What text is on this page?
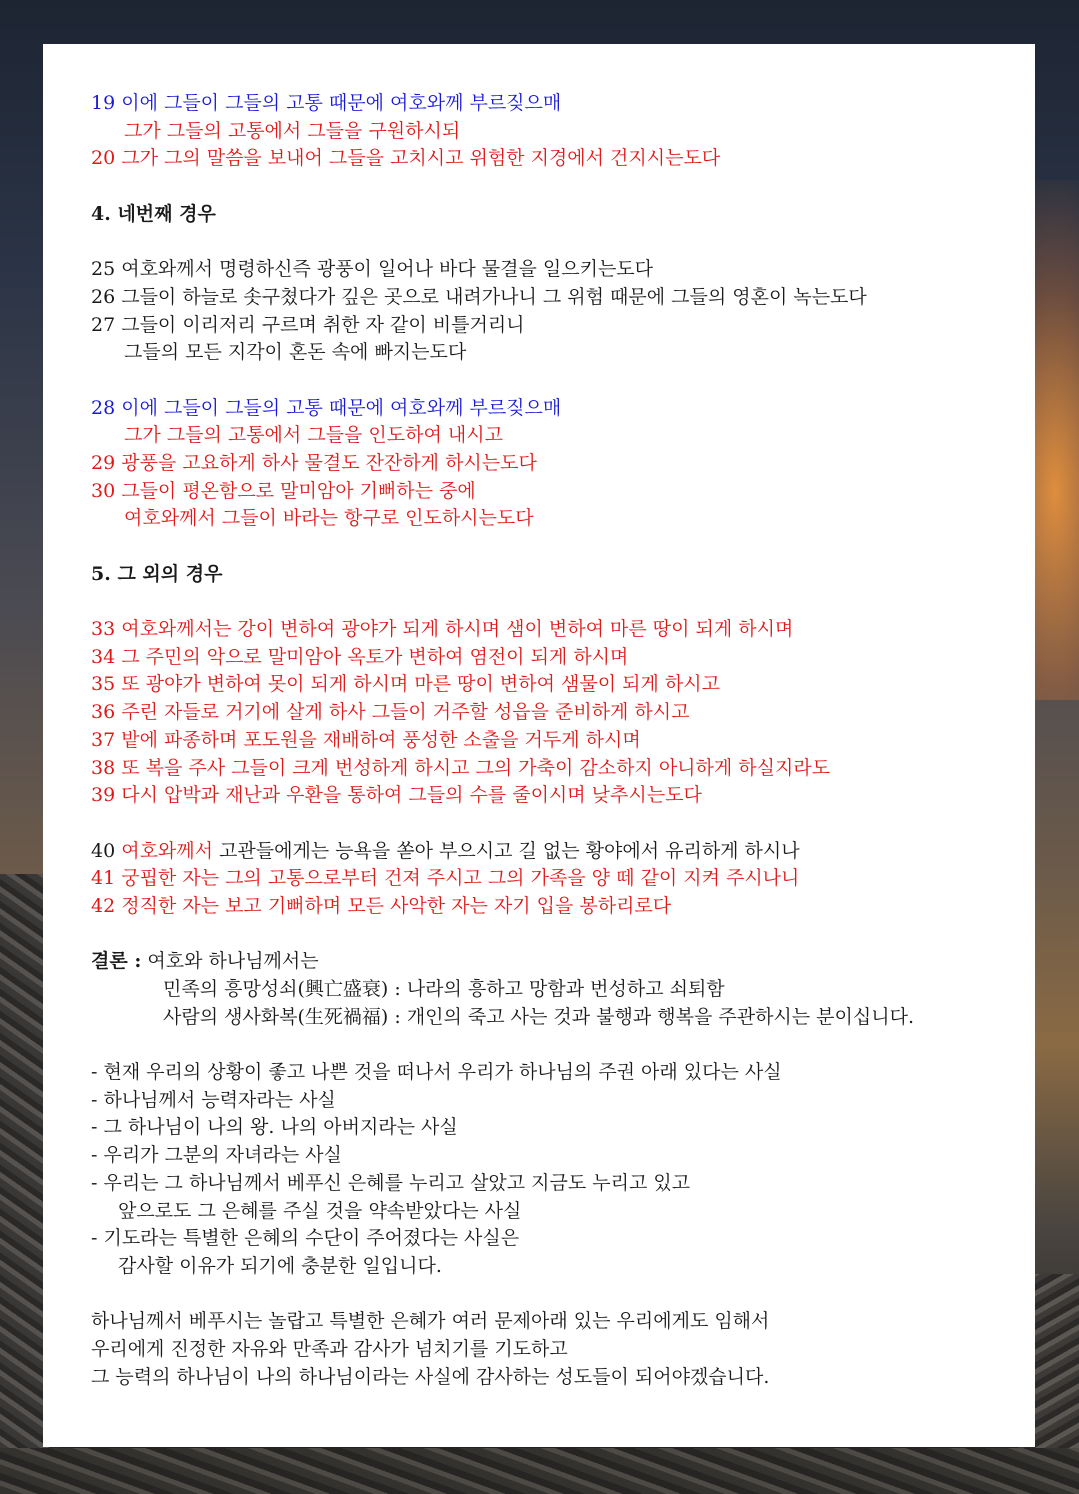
19 이에 그들이 그들의 고통 때문에 여호와께 부르짖으매
그가 그들의 고통에서 그들을 구원하시되
20 그가 그의 말씀을 보내어 그들을 고치시고 위험한 지경에서 건지시는도다
4. 네번째 경우
25 여호와께서 명령하신즉 광풍이 일어나 바다 물결을 일으키는도다
26 그들이 하늘로 솟구쳤다가 깊은 곳으로 내려가나니 그 위험 때문에 그들의 영혼이 녹는도다
27 그들이 이리저리 구르며 취한 자 같이 비틀거리니
그들의 모든 지각이 혼돈 속에 빠지는도다
28 이에 그들이 그들의 고통 때문에 여호와께 부르짖으매
그가 그들의 고통에서 그들을 인도하여 내시고
29 광풍을 고요하게 하사 물결도 잔잔하게 하시는도다
30 그들이 평온함으로 말미암아 기뻐하는 중에
여호와께서 그들이 바라는 항구로 인도하시는도다
5. 그 외의 경우
33 여호와께서는 강이 변하여 광야가 되게 하시며 샘이 변하여 마른 땅이 되게 하시며
34 그 주민의 악으로 말미암아 옥토가 변하여 염전이 되게 하시며
35 또 광야가 변하여 못이 되게 하시며 마른 땅이 변하여 샘물이 되게 하시고
36 주린 자들로 거기에 살게 하사 그들이 거주할 성읍을 준비하게 하시고
37 밭에 파종하며 포도원을 재배하여 풍성한 소출을 거두게 하시며
38 또 복을 주사 그들이 크게 번성하게 하시고 그의 가축이 감소하지 아니하게 하실지라도
39 다시 압박과 재난과 우환을 통하여 그들의 수를 줄이시며 낮추시는도다
40 여호와께서 고관들에게는 능욕을 쏟아 부으시고 길 없는 황야에서 유리하게 하시나
41 궁핍한 자는 그의 고통으로부터 건져 주시고 그의 가족을 양 떼 같이 지켜 주시나니
42 정직한 자는 보고 기뻐하며 모든 사악한 자는 자기 입을 봉하리로다
결론 : 여호와 하나님께서는
민족의 흥망성쇠(興亡盛衰) : 나라의 흥하고 망함과 번성하고 쇠퇴함
사람의 생사화복(生死禍福) : 개인의 죽고 사는 것과 불행과 행복을 주관하시는 분이십니다.
- 현재 우리의 상황이 좋고 나쁜 것을 떠나서 우리가 하나님의 주권 아래 있다는 사실
- 하나님께서 능력자라는 사실
- 그 하나님이 나의 왕. 나의 아버지라는 사실
- 우리가 그분의 자녀라는 사실
- 우리는 그 하나님께서 베푸신 은혜를 누리고 살았고 지금도 누리고 있고
앞으로도 그 은혜를 주실 것을 약속받았다는 사실
- 기도라는 특별한 은혜의 수단이 주어졌다는 사실은
감사할 이유가 되기에 충분한 일입니다.
하나님께서 베푸시는 놀랍고 특별한 은혜가 여러 문제아래 있는 우리에게도 임해서
우리에게 진정한 자유와 만족과 감사가 넘치기를 기도하고
그 능력의 하나님이 나의 하나님이라는 사실에 감사하는 성도들이 되어야겠습니다.
